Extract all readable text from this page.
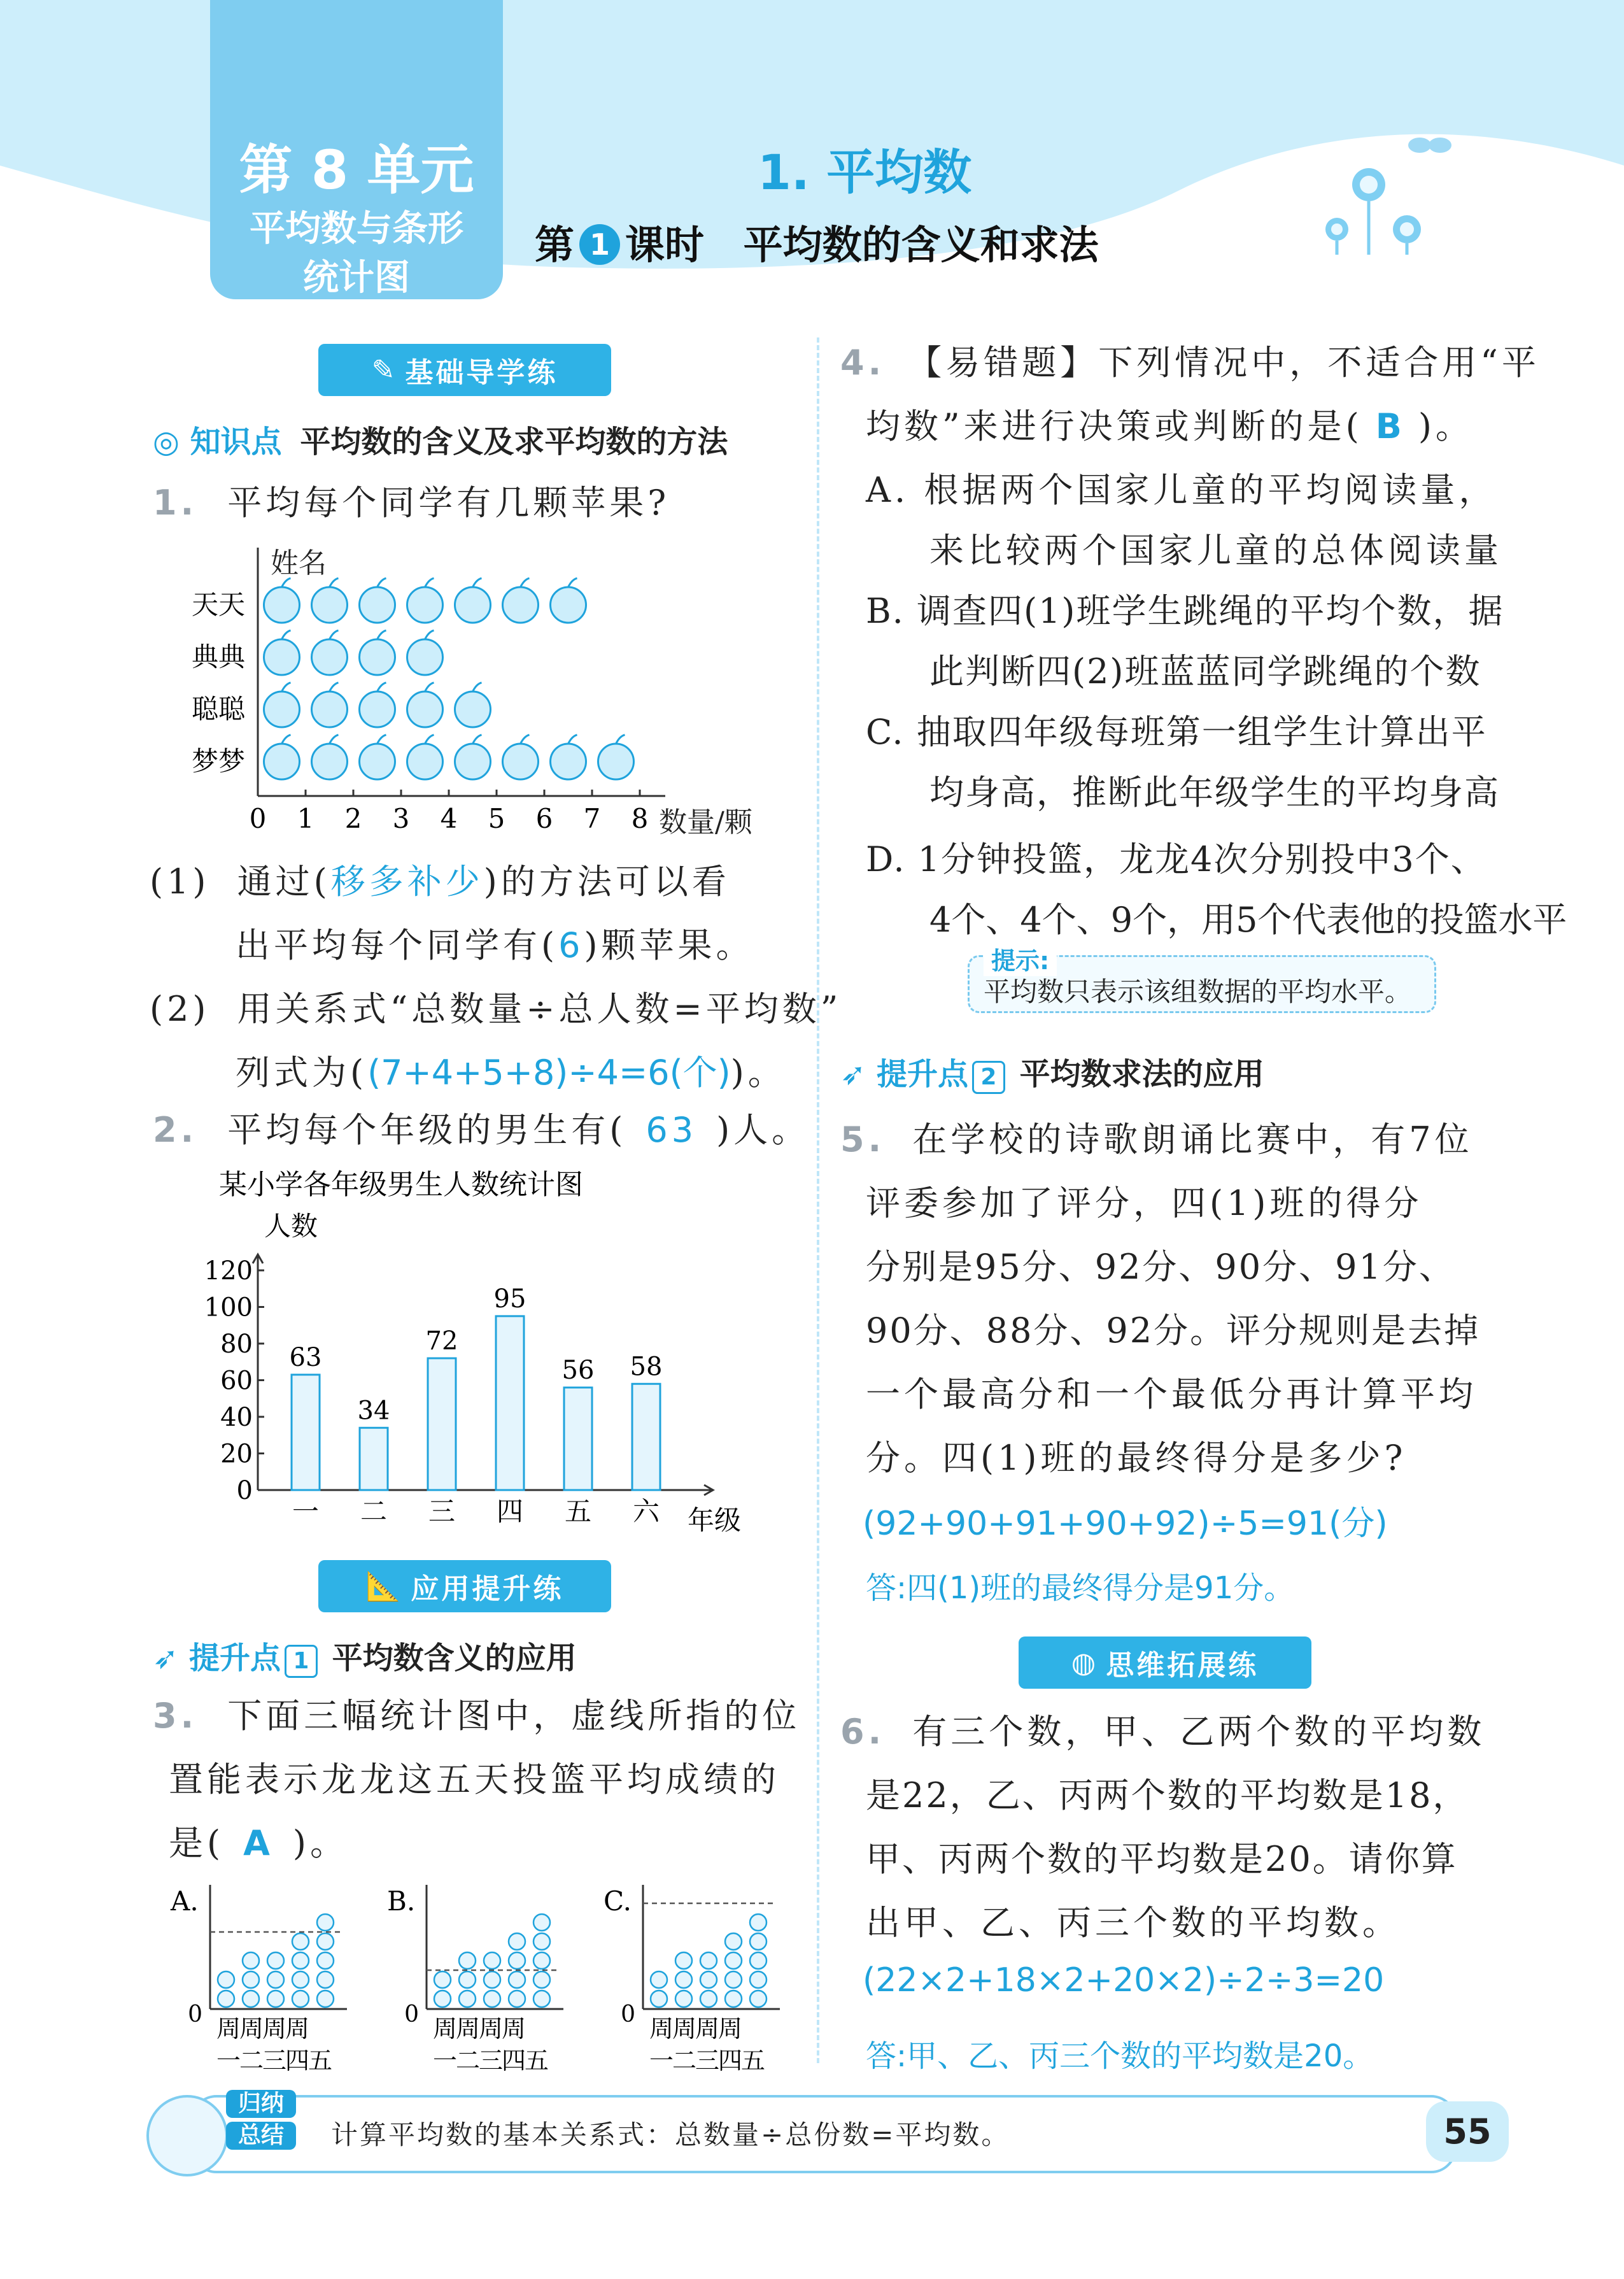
第 8 单元
平均数与条形
统计图
1. 平均数
第 1 课时 平均数的含义和求法
✎ 基础导学练
◎ 知识点 平均数的含义及求平均数的方法
1. 平均每个同学有几颗苹果?
0 1 2 3 4 5 6 7 8
天天
典典
聪聪
梦梦
姓名
数量/颗
(1) 通过(移多补少)的方法可以看
出平均每个同学有(6)颗苹果。
(2) 用关系式“总数量÷总人数=平均数”
列式为((7+4+5+8)÷4=6(个))。
2. 平均每个年级的男生有( 63 )人。
某小学各年级男生人数统计图
人数
0
20
40
60
80
100
120
63
一
34
二
72
三
95
四
56
五
58
六 年级
📐 应用提升练
➶ 提升点 1 平均数含义的应用
3. 下面三幅统计图中，虚线所指的位
置能表示龙龙这五天投篮平均成绩的
是( A )。
A.
0
周周周周
一二三四五
B.
0
周周周周
一二三四五
C.
0
周周周周
一二三四五
4. 【易错题】下列情况中，不适合用“平
均数”来进行决策或判断的是( B )。
A. 根据两个国家儿童的平均阅读量，
来比较两个国家儿童的总体阅读量
B. 调查四(1)班学生跳绳的平均个数，据
此判断四(2)班蓝蓝同学跳绳的个数
C. 抽取四年级每班第一组学生计算出平
均身高，推断此年级学生的平均身高
D. 1分钟投篮，龙龙4次分别投中3个、
4个、4个、9个，用5个代表他的投篮水平
提示:
平均数只表示该组数据的平均水平。
➶ 提升点 2 平均数求法的应用
5. 在学校的诗歌朗诵比赛中，有7位
评委参加了评分，四(1)班的得分
分别是95分、92分、90分、91分、
90分、88分、92分。评分规则是去掉
一个最高分和一个最低分再计算平均
分。四(1)班的最终得分是多少?
(92+90+91+90+92)÷5=91(分)
答:四(1)班的最终得分是91分。
◍ 思维拓展练
6. 有三个数，甲、乙两个数的平均数
是22，乙、丙两个数的平均数是18，
甲、丙两个数的平均数是20。请你算
出甲、乙、丙三个数的平均数。
(22×2+18×2+20×2)÷2÷3=20
答:甲、乙、丙三个数的平均数是20。
归纳
总结	计算平均数的基本关系式：总数量÷总份数=平均数。	55
